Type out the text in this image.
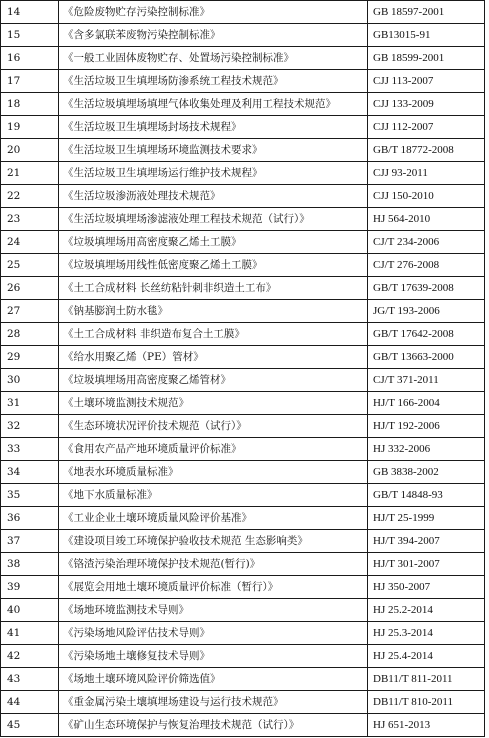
14	《危险废物贮存污染控制标准》	GB 18597-2001
15	《含多氯联苯废物污染控制标准》	GB13015-91
16	《一般工业固体废物贮存、处置场污染控制标准》	GB 18599-2001
17	《生活垃圾卫生填埋场防渗系统工程技术规范》	CJJ 113-2007
18	《生活垃圾填埋场填埋气体收集处理及利用工程技术规范》	CJJ 133-2009
19	《生活垃圾卫生填埋场封场技术规程》	CJJ 112-2007
20	《生活垃圾卫生填埋场环境监测技术要求》	GB/T 18772-2008
21	《生活垃圾卫生填埋场运行维护技术规程》	CJJ 93-2011
22	《生活垃圾渗沥液处理技术规范》	CJJ 150-2010
23	《生活垃圾填埋场渗滤液处理工程技术规范（试行）》	HJ 564-2010
24	《垃圾填埋场用高密度聚乙烯土工膜》	CJ/T 234-2006
25	《垃圾填埋场用线性低密度聚乙烯土工膜》	CJ/T 276-2008
26	《土工合成材料 长丝纺粘针刺非织造土工布》	GB/T 17639-2008
27	《钠基膨润土防水毯》	JG/T 193-2006
28	《土工合成材料 非织造布复合土工膜》	GB/T 17642-2008
29	《给水用聚乙烯（PE）管材》	GB/T 13663-2000
30	《垃圾填埋场用高密度聚乙烯管材》	CJ/T 371-2011
31	《土壤环境监测技术规范》	HJ/T 166-2004
32	《生态环境状况评价技术规范（试行）》	HJ/T 192-2006
33	《食用农产品产地环境质量评价标准》	HJ 332-2006
34	《地表水环境质量标准》	GB 3838-2002
35	《地下水质量标准》	GB/T 14848-93
36	《工业企业土壤环境质量风险评价基准》	HJ/T 25-1999
37	《建设项目竣工环境保护验收技术规范 生态影响类》	HJ/T 394-2007
38	《铬渣污染治理环境保护技术规范(暂行)》	HJ/T 301-2007
39	《展览会用地土壤环境质量评价标准（暂行）》	HJ 350-2007
40	《场地环境监测技术导则》	HJ 25.2-2014
41	《污染场地风险评估技术导则》	HJ 25.3-2014
42	《污染场地土壤修复技术导则》	HJ 25.4-2014
43	《场地土壤环境风险评价筛选值》	DB11/T 811-2011
44	《重金属污染土壤填埋场建设与运行技术规范》	DB11/T 810-2011
45	《矿山生态环境保护与恢复治理技术规范（试行）》	HJ 651-2013
